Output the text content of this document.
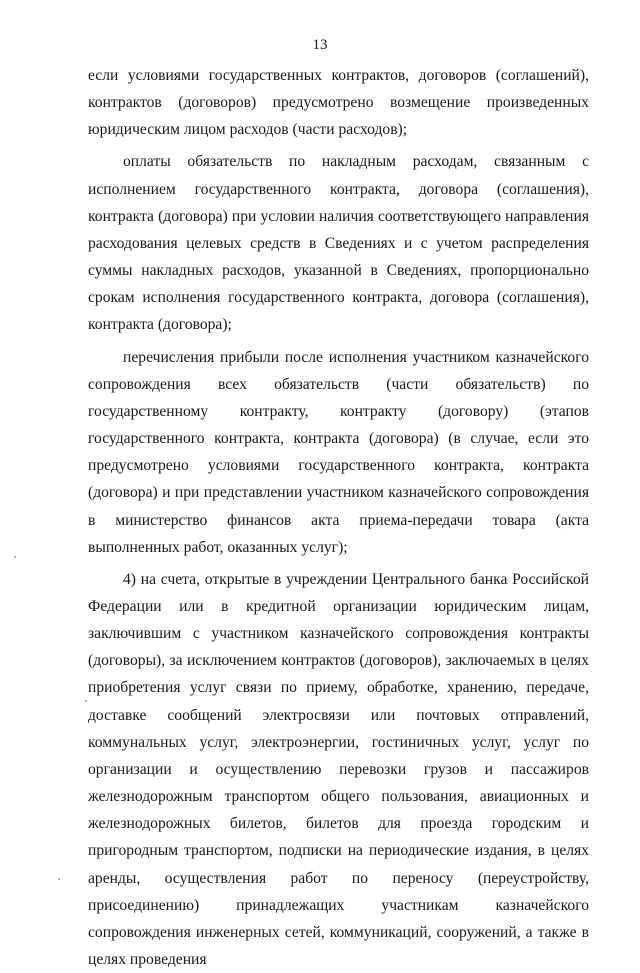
13

если условиями государственных контрактов, договоров (соглашений), контрактов (договоров) предусмотрено возмещение произведенных юридическим лицом расходов (части расходов);

оплаты обязательств по накладным расходам, связанным с исполнением государственного контракта, договора (соглашения), контракта (договора) при условии наличия соответствующего направления расходования целевых средств в Сведениях и с учетом распределения суммы накладных расходов, указанной в Сведениях, пропорционально срокам исполнения государственного контракта, договора (соглашения), контракта (договора);

перечисления прибыли после исполнения участником казначейского сопровождения всех обязательств (части обязательств) по государственному контракту, контракту (договору) (этапов государственного контракта, контракта (договора) (в случае, если это предусмотрено условиями государственного контракта, контракта (договора) и при представлении участником казначейского сопровождения в министерство финансов акта приема-передачи товара (акта выполненных работ, оказанных услуг);

4) на счета, открытые в учреждении Центрального банка Российской Федерации или в кредитной организации юридическим лицам, заключившим с участником казначейского сопровождения контракты (договоры), за исключением контрактов (договоров), заключаемых в целях приобретения услуг связи по приему, обработке, хранению, передаче, доставке сообщений электросвязи или почтовых отправлений, коммунальных услуг, электроэнергии, гостиничных услуг, услуг по организации и осуществлению перевозки грузов и пассажиров железнодорожным транспортом общего пользования, авиационных и железнодорожных билетов, билетов для проезда городским и пригородным транспортом, подписки на периодические издания, в целях аренды, осуществления работ по переносу (переустройству, присоединению) принадлежащих участникам казначейского сопровождения инженерных сетей, коммуникаций, сооружений, а также в целях проведения
